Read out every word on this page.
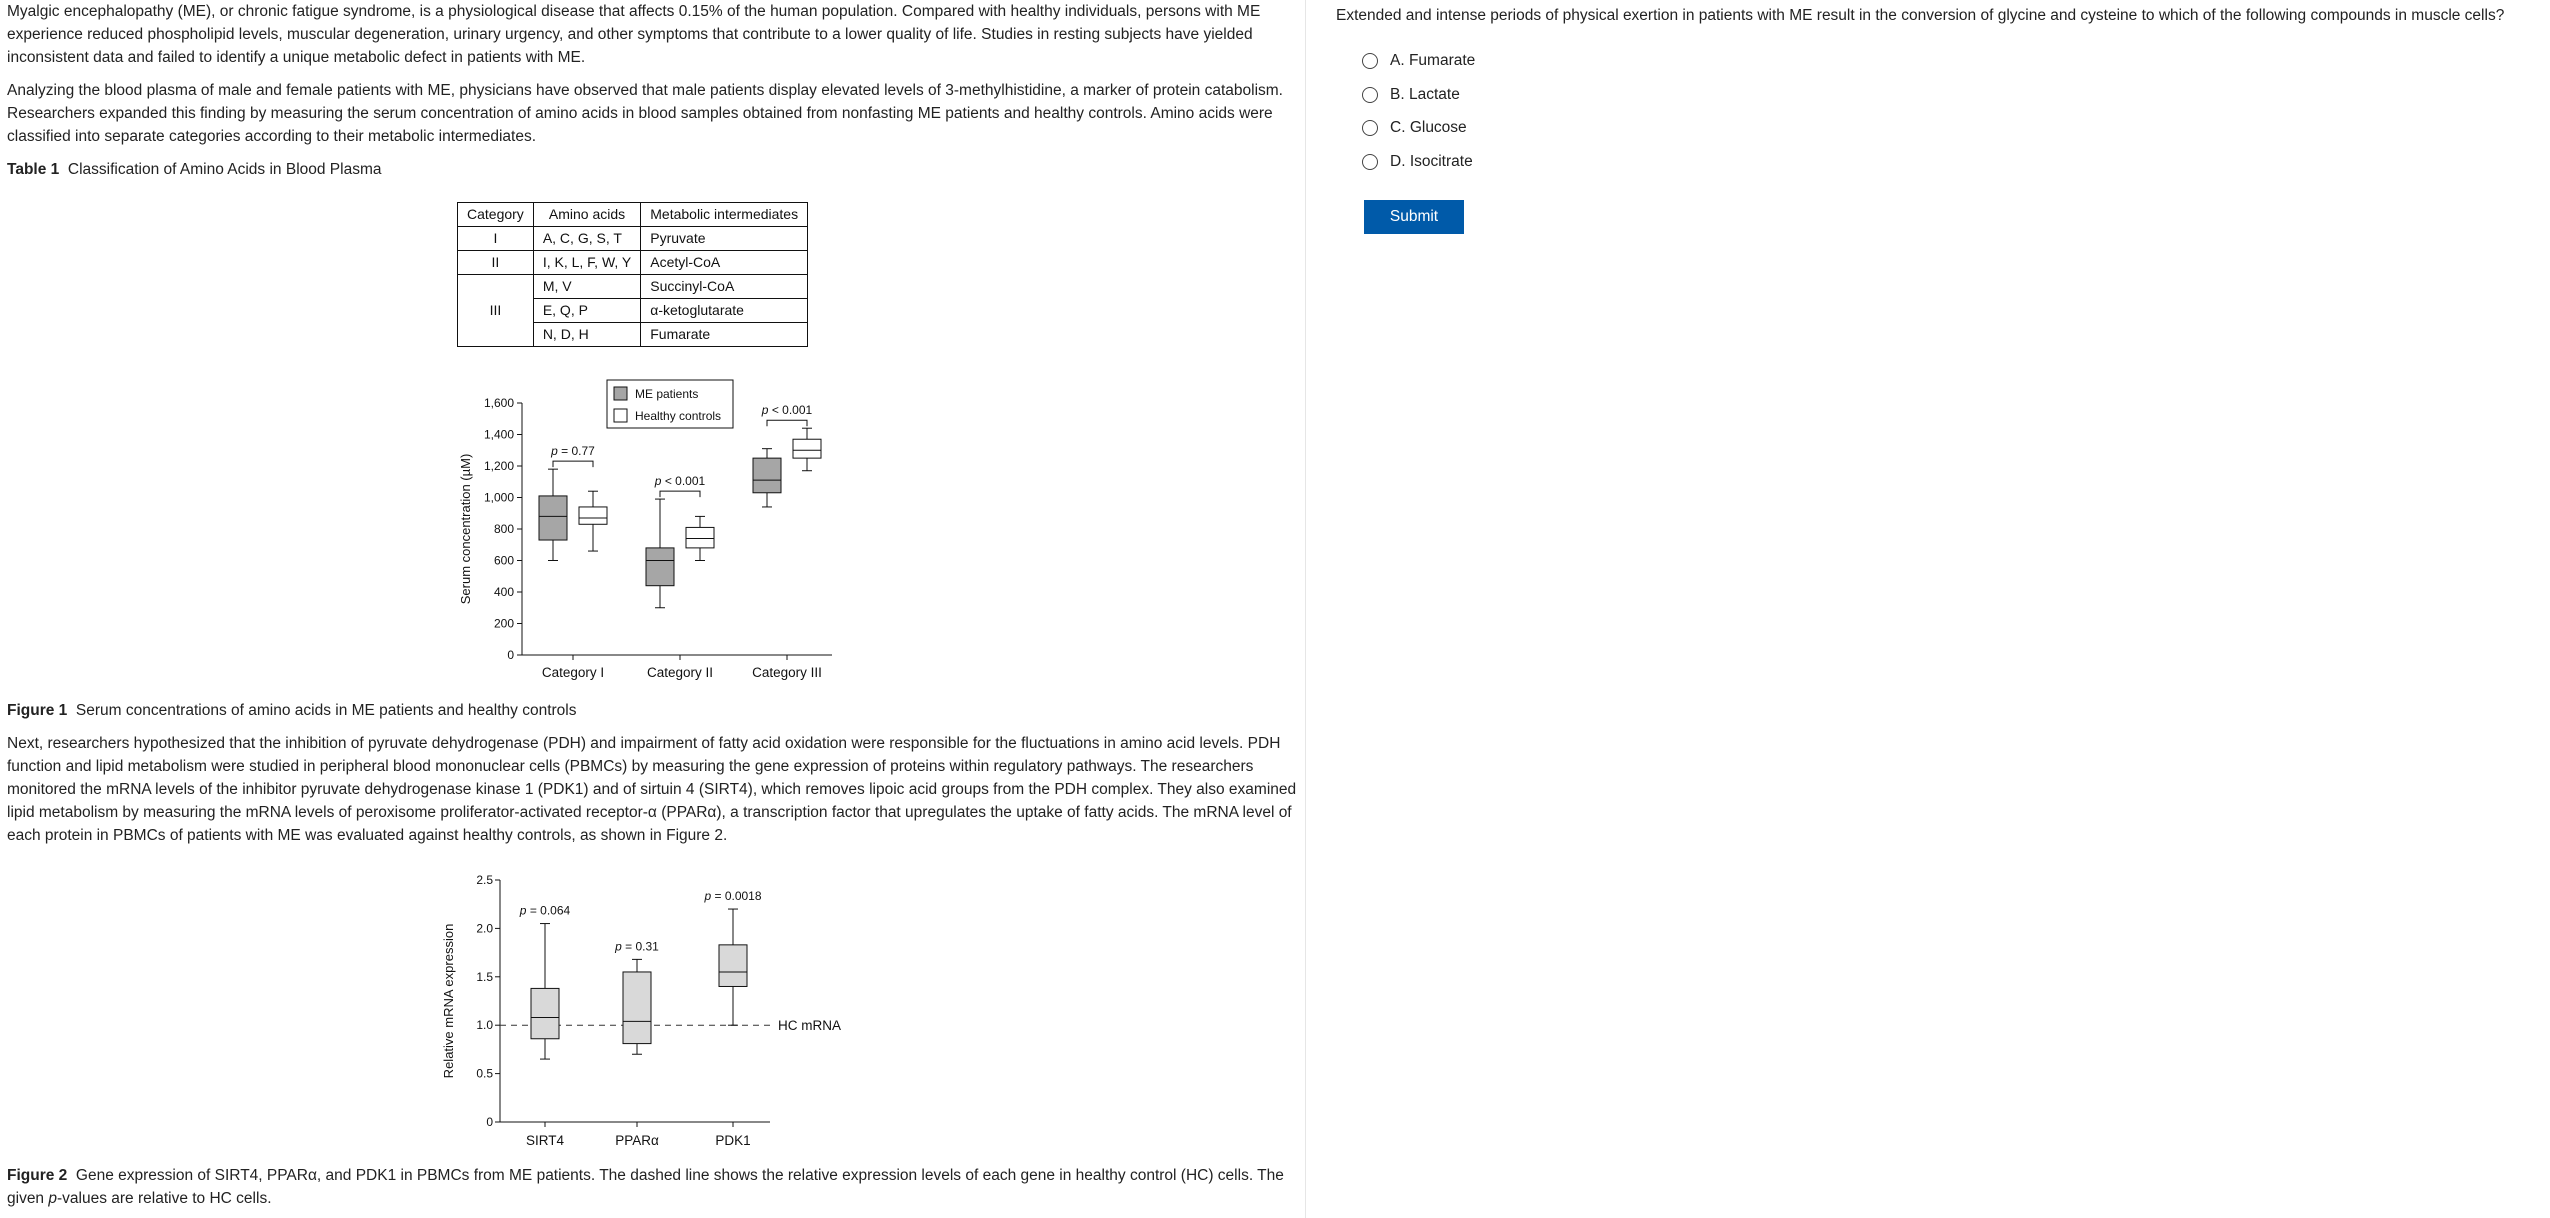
Myalgic encephalopathy (ME), or chronic fatigue syndrome, is a physiological disease that affects 0.15% of the human population. Compared with healthy individuals, persons with ME experience reduced phospholipid levels, muscular degeneration, urinary urgency, and other symptoms that contribute to a lower quality of life. Studies in resting subjects have yielded inconsistent data and failed to identify a unique metabolic defect in patients with ME.

Analyzing the blood plasma of male and female patients with ME, physicians have observed that male patients display elevated levels of 3-methylhistidine, a marker of protein catabolism. Researchers expanded this finding by measuring the serum concentration of amino acids in blood samples obtained from nonfasting ME patients and healthy controls. Amino acids were classified into separate categories according to their metabolic intermediates.

Table 1 Classification of Amino Acids in Blood Plasma

Category	Amino acids	Metabolic intermediates
I	A, C, G, S, T	Pyruvate
II	I, K, L, F, W, Y	Acetyl-CoA
III	M, V	Succinyl-CoA
	E, Q, P	α-ketoglutarate
	N, D, H	Fumarate
0
200
400
600
800
1,000
1,200
1,400
1,600
Serum concentration (µM)
Category I
p = 0.77
Category II
p < 0.001
Category III
p < 0.001
ME patients
Healthy controls

Figure 1 Serum concentrations of amino acids in ME patients and healthy controls

Next, researchers hypothesized that the inhibition of pyruvate dehydrogenase (PDH) and impairment of fatty acid oxidation were responsible for the fluctuations in amino acid levels. PDH function and lipid metabolism were studied in peripheral blood mononuclear cells (PBMCs) by measuring the gene expression of proteins within regulatory pathways. The researchers monitored the mRNA levels of the inhibitor pyruvate dehydrogenase kinase 1 (PDK1) and of sirtuin 4 (SIRT4), which removes lipoic acid groups from the PDH complex. They also examined lipid metabolism by measuring the mRNA levels of peroxisome proliferator-activated receptor-α (PPARα), a transcription factor that upregulates the uptake of fatty acids. The mRNA level of each protein in PBMCs of patients with ME was evaluated against healthy controls, as shown in Figure 2.

0
0.5
1.0
1.5
2.0
2.5
Relative mRNA expression	HC mRNA
SIRT4
p = 0.064
PPARα
p = 0.31
PDK1
p = 0.0018

Figure 2 Gene expression of SIRT4, PPARα, and PDK1 in PBMCs from ME patients. The dashed line shows the relative expression levels of each gene in healthy control (HC) cells. The given p-values are relative to HC cells.

Extended and intense periods of physical exertion in patients with ME result in the conversion of glycine and cysteine to which of the following compounds in muscle cells?

A.
Fumarate
B.
Lactate
C.
Glucose
D.
Isocitrate
Submit
